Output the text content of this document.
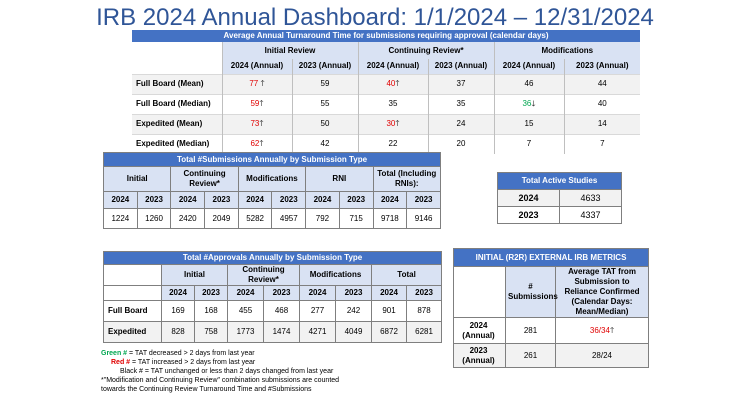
IRB 2024 Annual Dashboard: 1/1/2024 – 12/31/2024
Average Annual Turnaround Time for submissions requiring approval (calendar days)						
	Initial Review		Continuing Review*		Modifications	
	2024 (Annual)	2023 (Annual)	2024 (Annual)	2023 (Annual)	2024 (Annual)	2023 (Annual)
Full Board (Mean)	77 🡑	59	40🡑	37	46	44
Full Board (Median)	59🡑	55	35	35	36🡓	40
Expedited (Mean)	73🡑	50	30🡑	24	15	14
Expedited (Median)	62🡑	42	22	20	7	7
Total #Submissions Annually by Submission Type									
Initial		Continuing Review*		Modifications		RNI		Total (Including RNIs):	
2024	2023	2024	2023	2024	2023	2024	2023	2024	2023
1224	1260	2420	2049	5282	4957	792	715	9718	9146
Total Active Studies	
2024	4633
2023	4337
Total #Approvals Annually by Submission Type								
	Initial		Continuing Review*		Modifications		Total	
	2024	2023	2024	2023	2024	2023	2024	2023
Full Board	169	168	455	468	277	242	901	878
Expedited	828	758	1773	1474	4271	4049	6872	6281
INITIAL (R2R) EXTERNAL IRB METRICS		
	# Submissions	Average TAT from Submission to Reliance Confirmed (Calendar Days: Mean/Median)
2024 (Annual)	281	36/34🡑
2023 (Annual)	261	28/24
Green # = TAT decreased > 2 days from last year
Red # = TAT increased > 2 days from last year
Black # = TAT unchanged or less than 2 days changed from last year
*"Modification and Continuing Review" combination submissions are counted
towards the Continuing Review Turnaround Time and #Submissions
